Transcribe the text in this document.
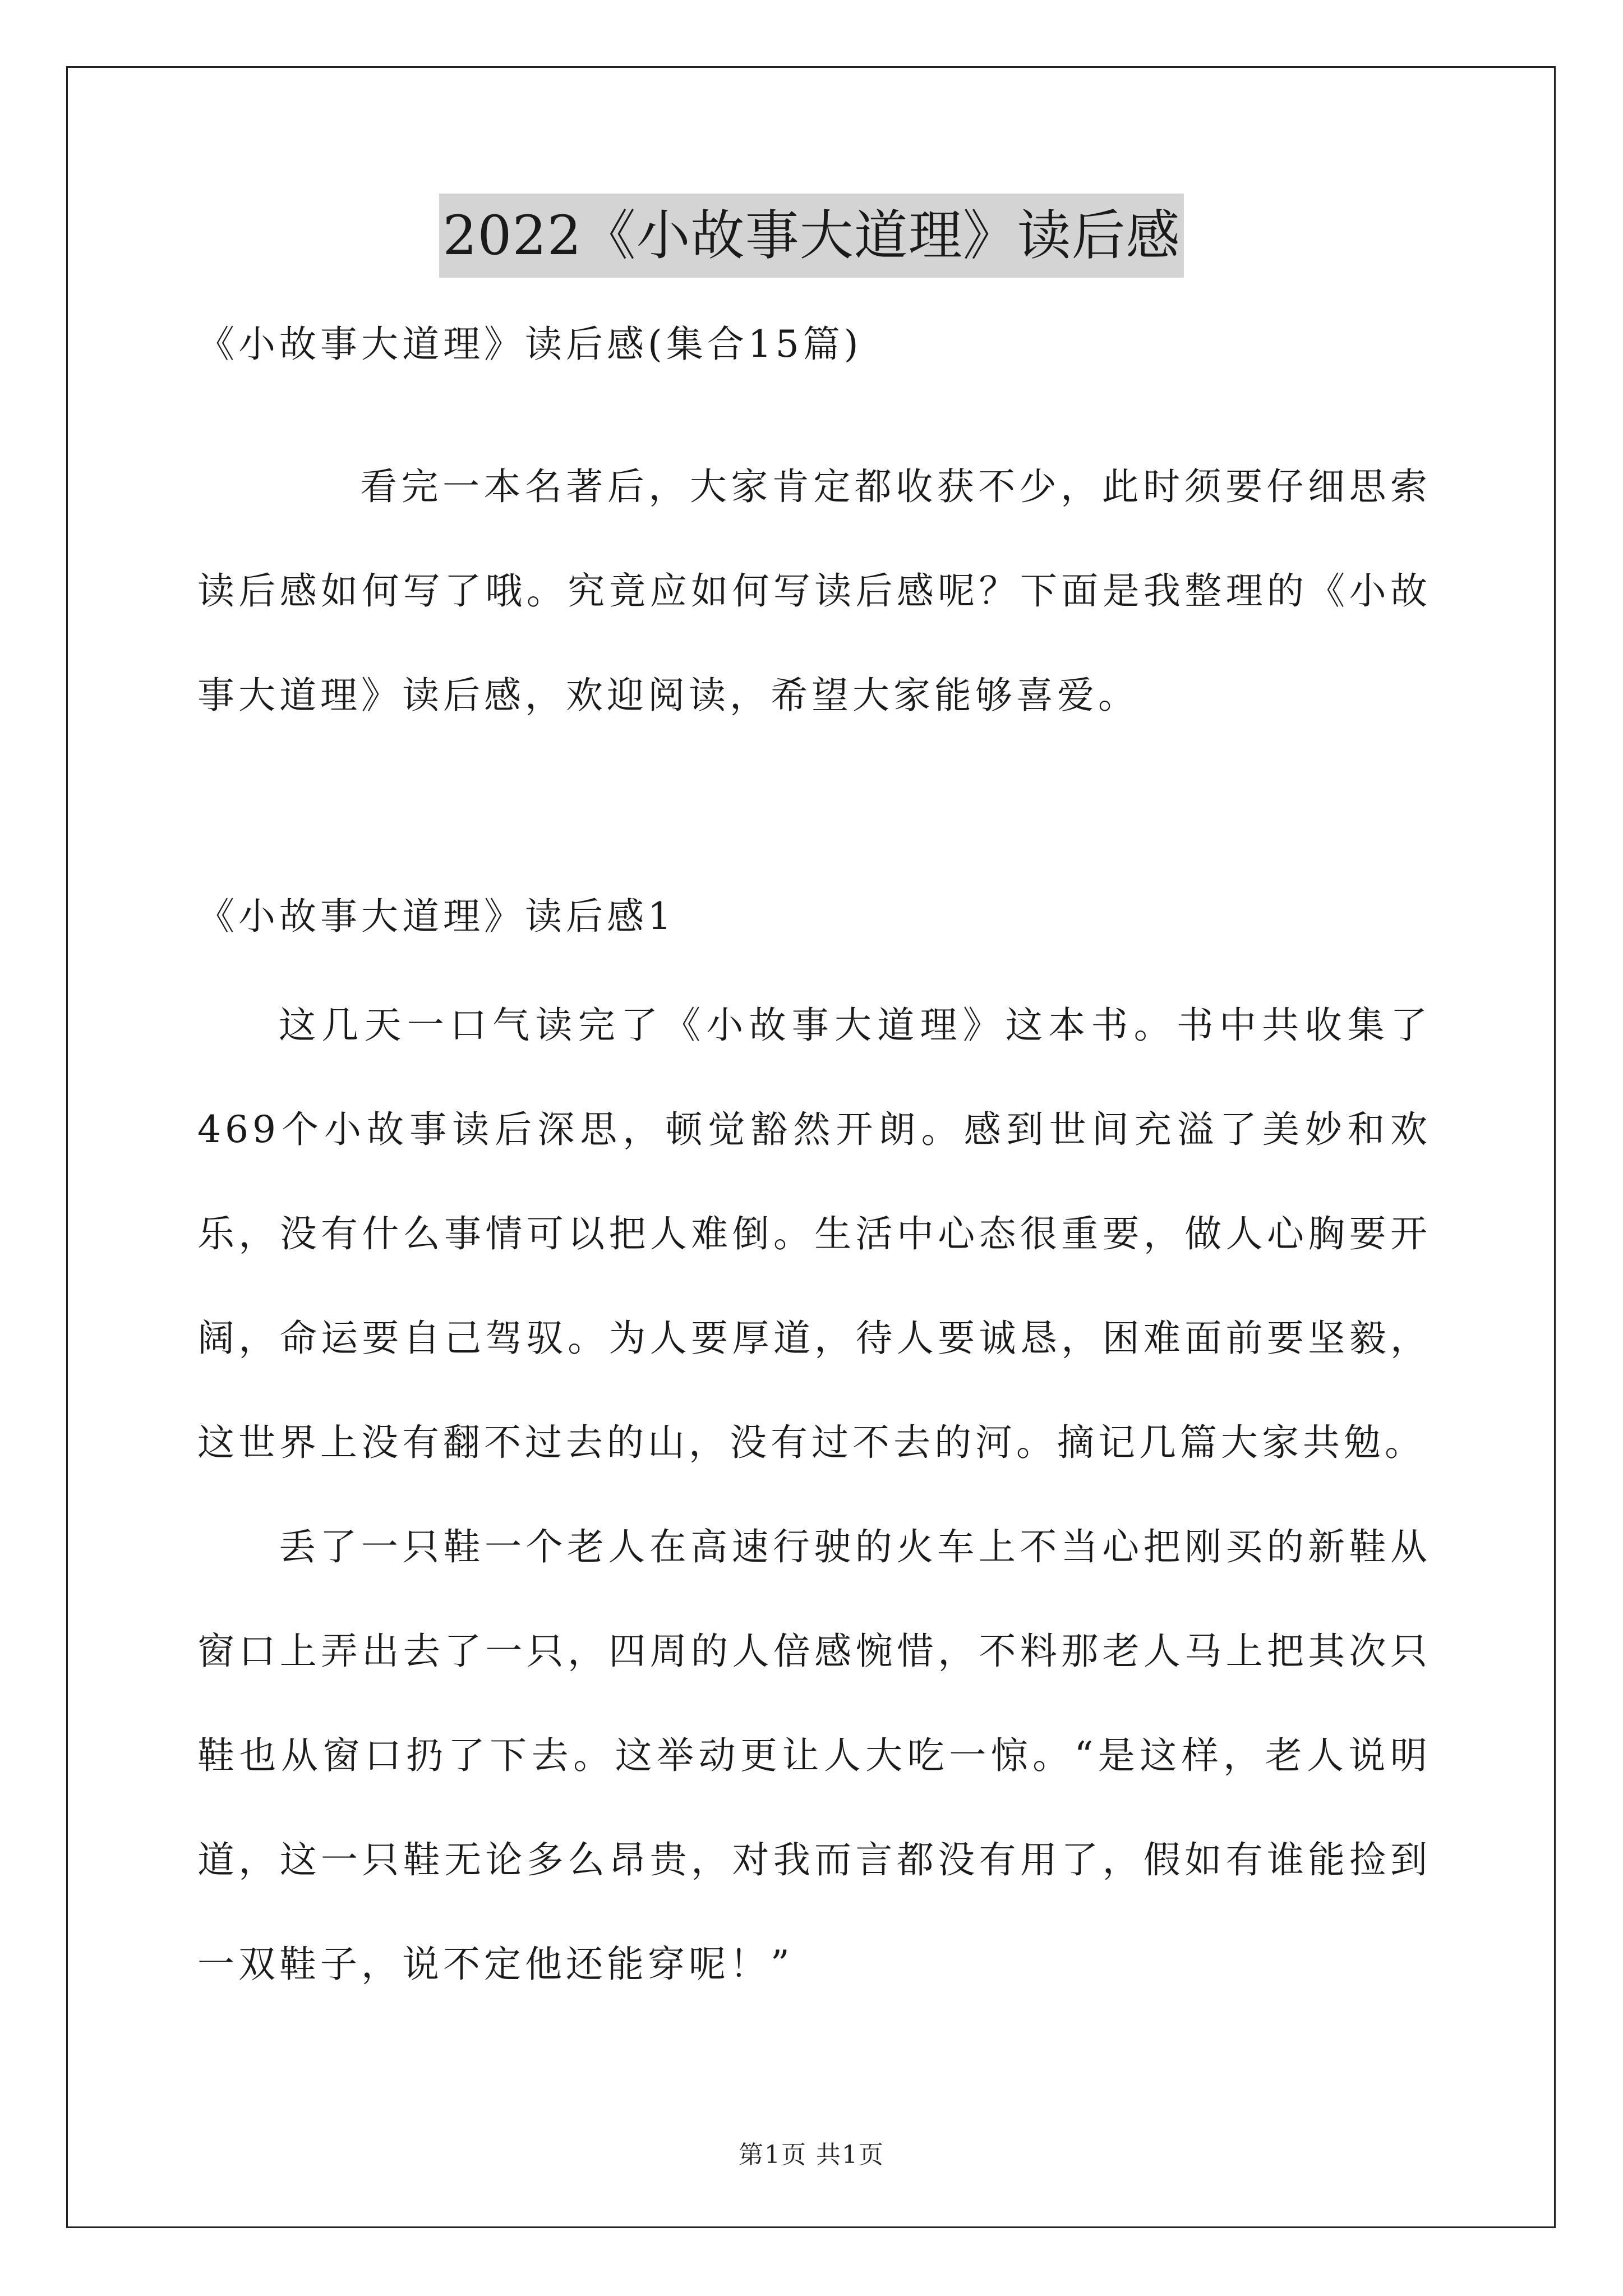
2022《小故事大道理》读后感

《小故事大道理》读后感(集合15篇)

看完一本名著后，大家肯定都收获不少，此时须要仔细思索读后感如何写了哦。究竟应如何写读后感呢？下面是我整理的《小故事大道理》读后感，欢迎阅读，希望大家能够喜爱。

《小故事大道理》读后感1

这几天一口气读完了《小故事大道理》这本书。书中共收集了469个小故事读后深思，顿觉豁然开朗。感到世间充溢了美妙和欢乐，没有什么事情可以把人难倒。生活中心态很重要，做人心胸要开阔，命运要自己驾驭。为人要厚道，待人要诚恳，困难面前要坚毅，这世界上没有翻不过去的山，没有过不去的河。摘记几篇大家共勉。

丢了一只鞋一个老人在高速行驶的火车上不当心把刚买的新鞋从窗口上弄出去了一只，四周的人倍感惋惜，不料那老人马上把其次只鞋也从窗口扔了下去。这举动更让人大吃一惊。“是这样，老人说明道，这一只鞋无论多么昂贵，对我而言都没有用了，假如有谁能捡到一双鞋子，说不定他还能穿呢！”

第1页 共1页
